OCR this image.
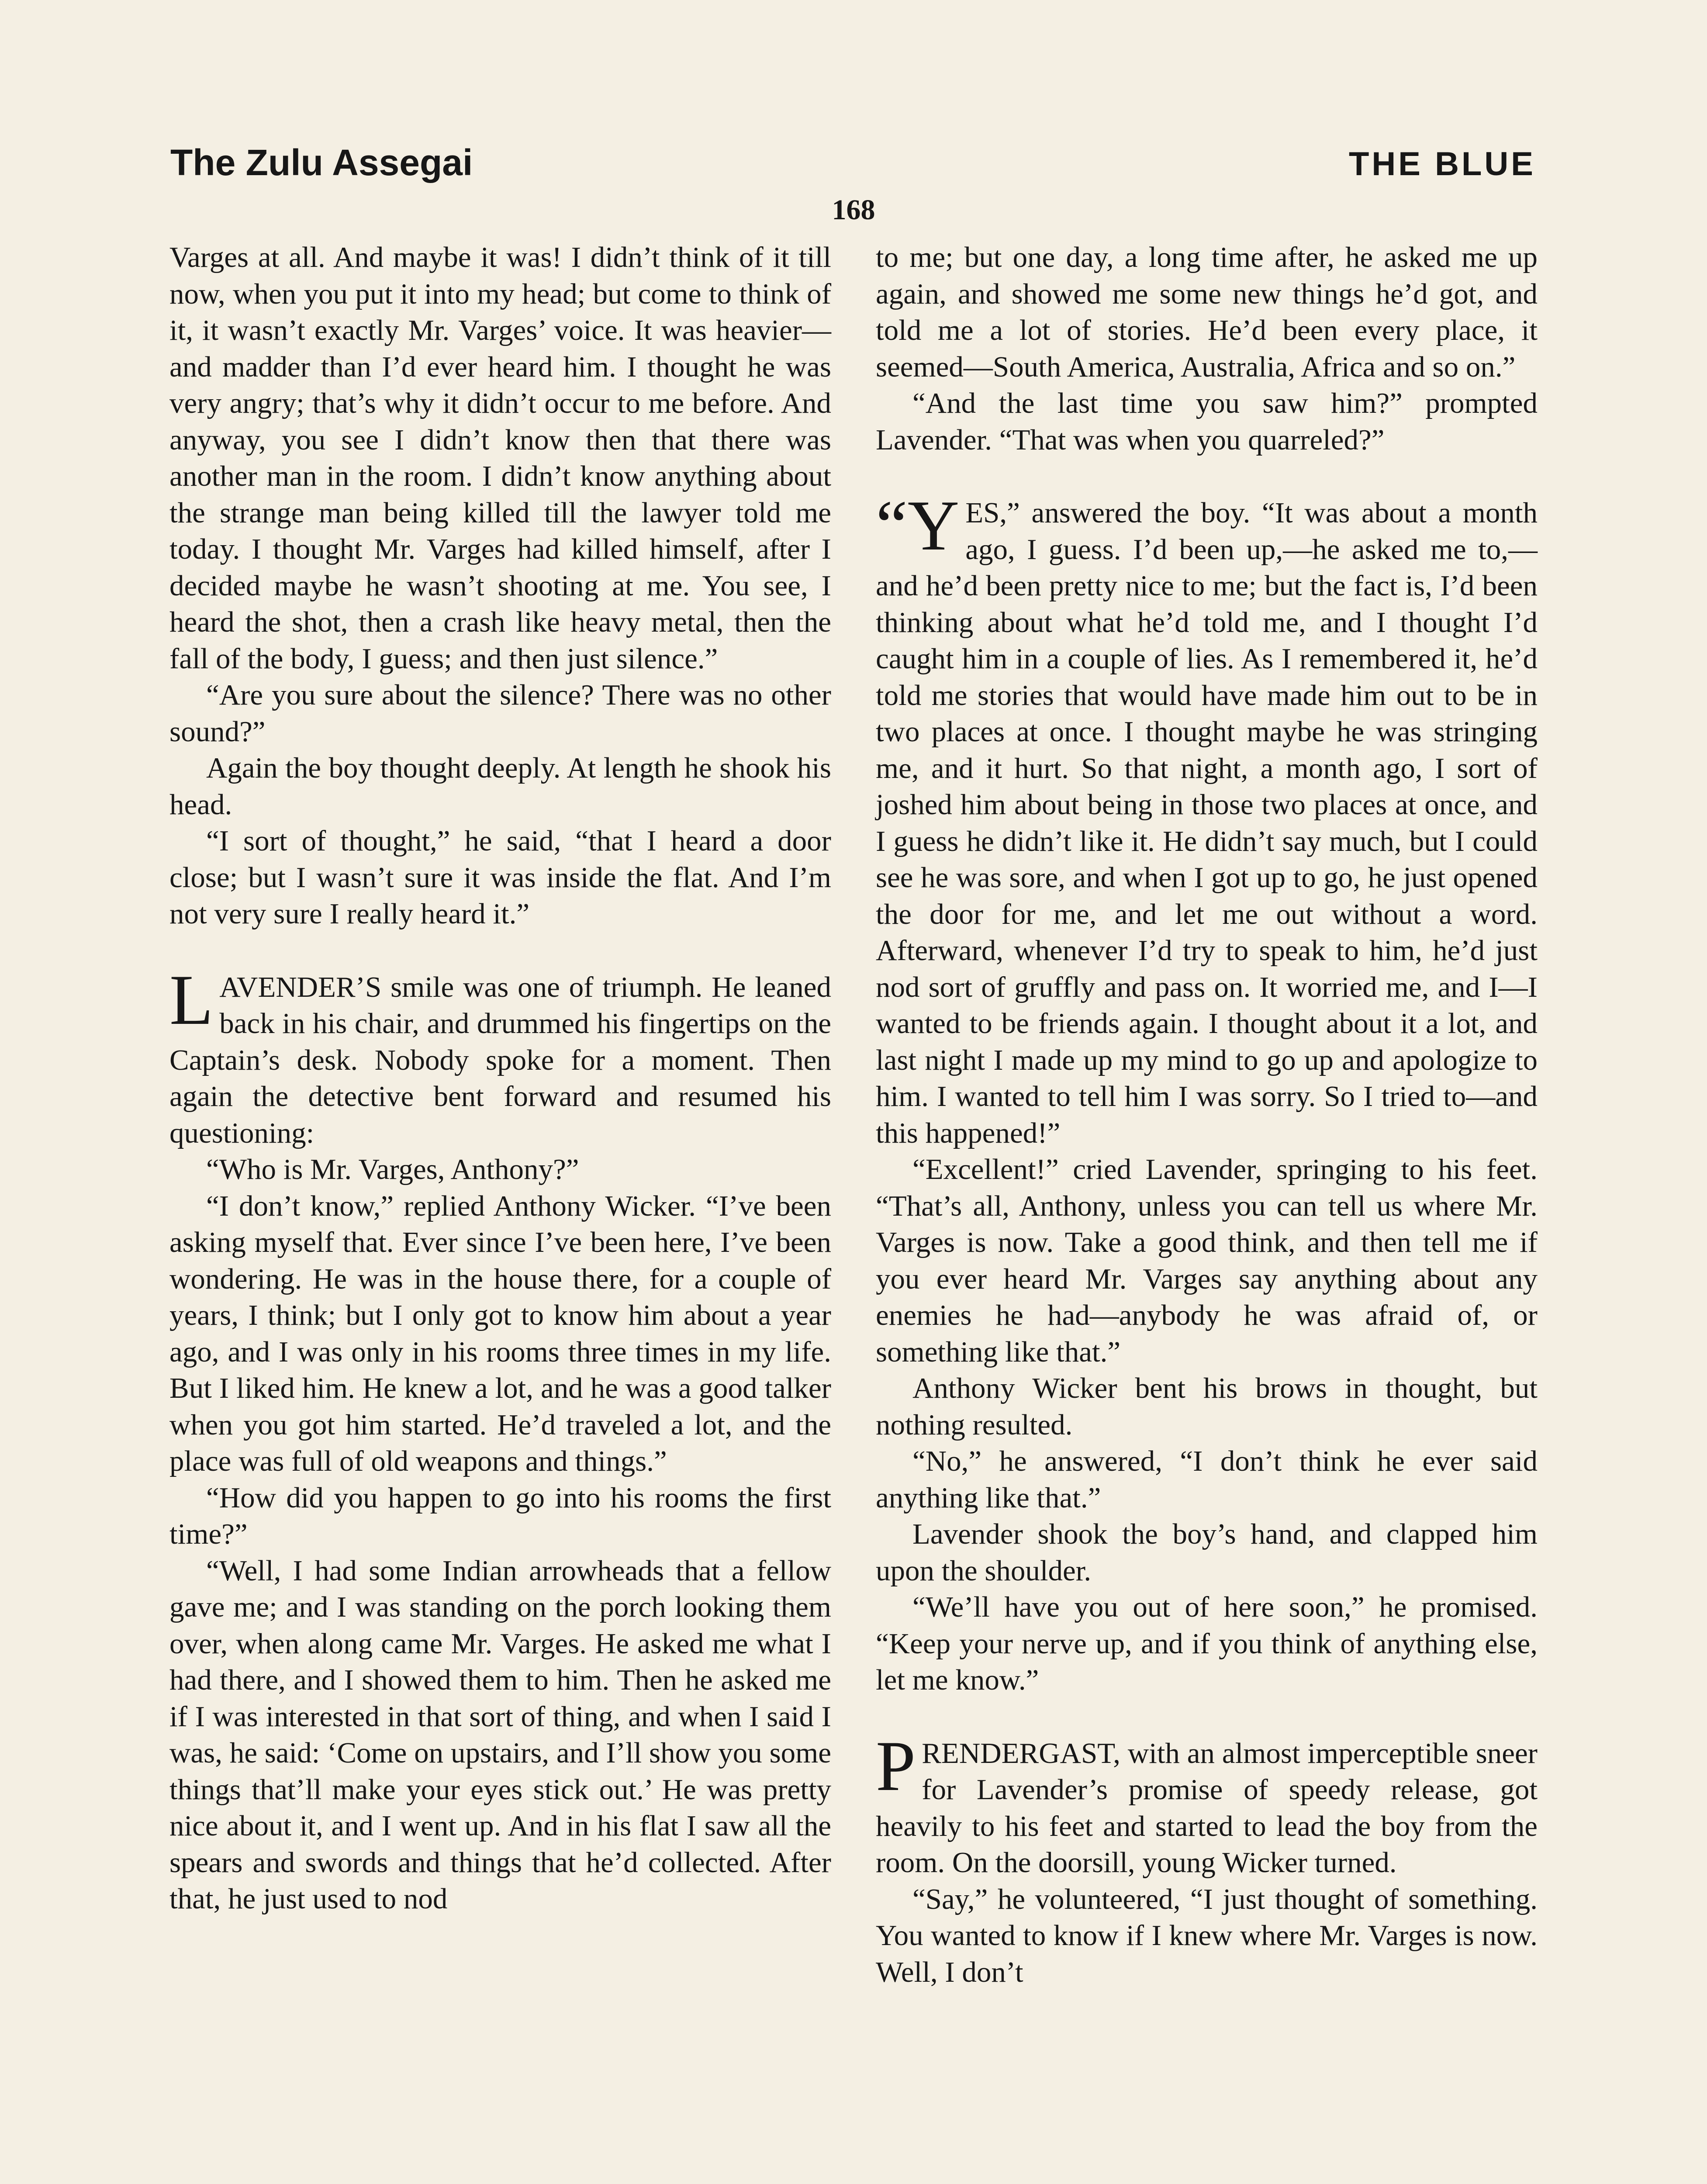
The Zulu Assegai	THE BLUE
168

Varges at all. And maybe it was! I didn’t think of it till now, when you put it into my head; but come to think of it, it wasn’t exactly Mr. Varges’ voice. It was heavier—and madder than I’d ever heard him. I thought he was very angry; that’s why it didn’t occur to me before. And anyway, you see I didn’t know then that there was another man in the room. I didn’t know anything about the strange man being killed till the lawyer told me today. I thought Mr. Varges had killed himself, after I decided maybe he wasn’t shooting at me. You see, I heard the shot, then a crash like heavy metal, then the fall of the body, I guess; and then just silence.”

“Are you sure about the silence? There was no other sound?”

Again the boy thought deeply. At length he shook his head.

“I sort of thought,” he said, “that I heard a door close; but I wasn’t sure it was inside the flat. And I’m not very sure I really heard it.”

LAVENDER’S smile was one of triumph. He leaned back in his chair, and drummed his fingertips on the Captain’s desk. Nobody spoke for a moment. Then again the detective bent forward and resumed his questioning:

“Who is Mr. Varges, Anthony?”

“I don’t know,” replied Anthony Wicker. “I’ve been asking myself that. Ever since I’ve been here, I’ve been wondering. He was in the house there, for a couple of years, I think; but I only got to know him about a year ago, and I was only in his rooms three times in my life. But I liked him. He knew a lot, and he was a good talker when you got him started. He’d traveled a lot, and the place was full of old weapons and things.”

“How did you happen to go into his rooms the first time?”

“Well, I had some Indian arrowheads that a fellow gave me; and I was standing on the porch looking them over, when along came Mr. Varges. He asked me what I had there, and I showed them to him. Then he asked me if I was interested in that sort of thing, and when I said I was, he said: ‘Come on upstairs, and I’ll show you some things that’ll make your eyes stick out.’ He was pretty nice about it, and I went up. And in his flat I saw all the spears and swords and things that he’d collected. After that, he just used to nod

to me; but one day, a long time after, he asked me up again, and showed me some new things he’d got, and told me a lot of stories. He’d been every place, it seemed—South America, Australia, Africa and so on.”

“And the last time you saw him?” prompted Lavender. “That was when you quarreled?”

“YES,” answered the boy. “It was about a month ago, I guess. I’d been up,—he asked me to,—and he’d been pretty nice to me; but the fact is, I’d been thinking about what he’d told me, and I thought I’d caught him in a couple of lies. As I remembered it, he’d told me stories that would have made him out to be in two places at once. I thought maybe he was stringing me, and it hurt. So that night, a month ago, I sort of joshed him about being in those two places at once, and I guess he didn’t like it. He didn’t say much, but I could see he was sore, and when I got up to go, he just opened the door for me, and let me out without a word. Afterward, whenever I’d try to speak to him, he’d just nod sort of gruffly and pass on. It worried me, and I—I wanted to be friends again. I thought about it a lot, and last night I made up my mind to go up and apologize to him. I wanted to tell him I was sorry. So I tried to—and this happened!”

“Excellent!” cried Lavender, springing to his feet. “That’s all, Anthony, unless you can tell us where Mr. Varges is now. Take a good think, and then tell me if you ever heard Mr. Varges say anything about any enemies he had—anybody he was afraid of, or something like that.”

Anthony Wicker bent his brows in thought, but nothing resulted.

“No,” he answered, “I don’t think he ever said anything like that.”

Lavender shook the boy’s hand, and clapped him upon the shoulder.

“We’ll have you out of here soon,” he promised. “Keep your nerve up, and if you think of anything else, let me know.”

PRENDERGAST, with an almost imperceptible sneer for Lavender’s promise of speedy release, got heavily to his feet and started to lead the boy from the room. On the doorsill, young Wicker turned.

“Say,” he volunteered, “I just thought of something. You wanted to know if I knew where Mr. Varges is now. Well, I don’t
